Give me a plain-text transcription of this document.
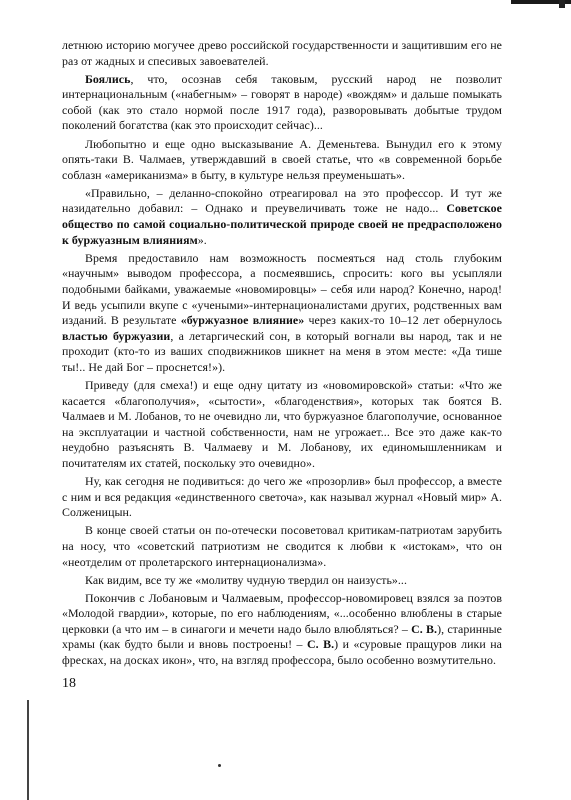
летнюю историю могучее древо российской государственности и защитившим его не раз от жадных и спесивых завоевателей.

Боялись, что, осознав себя таковым, русский народ не позволит интернациональным («набегным» – говорят в народе) «вождям» и дальше помыкать собой (как это стало нормой после 1917 года), разворовывать добытые трудом поколений богатства (как это происходит сейчас)...

Любопытно и еще одно высказывание А. Деменьтева. Вынудил его к этому опять-таки В. Чалмаев, утверждавший в своей статье, что «в современной борьбе соблазн «американизма» в быту, в культуре нельзя преуменьшать».

«Правильно, – деланно-спокойно отреагировал на это профессор. И тут же назидательно добавил: – Однако и преувеличивать тоже не надо... Советское общество по самой социально-политической природе своей не предрасположено к буржуазным влияниям».

Время предоставило нам возможность посмеяться над столь глубоким «научным» выводом профессора, а посмеявшись, спросить: кого вы усыпляли подобными байками, уважаемые «новомировцы» – себя или народ? Конечно, народ! И ведь усыпили вкупе с «учеными»-интернационалистами других, родственных вам изданий. В результате «буржуазное влияние» через каких-то 10–12 лет обернулось властью буржуазии, а летаргический сон, в который вогнали вы народ, так и не проходит (кто-то из ваших сподвижников шикнет на меня в этом месте: «Да тише ты!.. Не дай Бог – проснется!»).

Приведу (для смеха!) и еще одну цитату из «новомировской» статьи: «Что же касается «благополучия», «сытости», «благоденствия», которых так боятся В. Чалмаев и М. Лобанов, то не очевидно ли, что буржуазное благополучие, основанное на эксплуатации и частной собственности, нам не угрожает... Все это даже как-то неудобно разъяснять В. Чалмаеву и М. Лобанову, их единомышленникам и почитателям их статей, поскольку это очевидно».

Ну, как сегодня не подивиться: до чего же «прозорлив» был профессор, а вместе с ним и вся редакция «единственного светоча», как называл журнал «Новый мир» А. Солженицын.

В конце своей статьи он по-отечески посоветовал критикам-патриотам зарубить на носу, что «советский патриотизм не сводится к любви к «истокам», что он «неотделим от пролетарского интернационализма».

Как видим, все ту же «молитву чудную твердил он наизусть»...

Покончив с Лобановым и Чалмаевым, профессор-новомировец взялся за поэтов «Молодой гвардии», которые, по его наблюдениям, «...особенно влюблены в старые церковки (а что им – в синагоги и мечети надо было влюбляться? – С. В.), старинные храмы (как будто были и вновь построены! – С. В.) и «суровые пращуров лики на фресках, на досках икон», что, на взгляд профессора, было особенно возмутительно.

18
